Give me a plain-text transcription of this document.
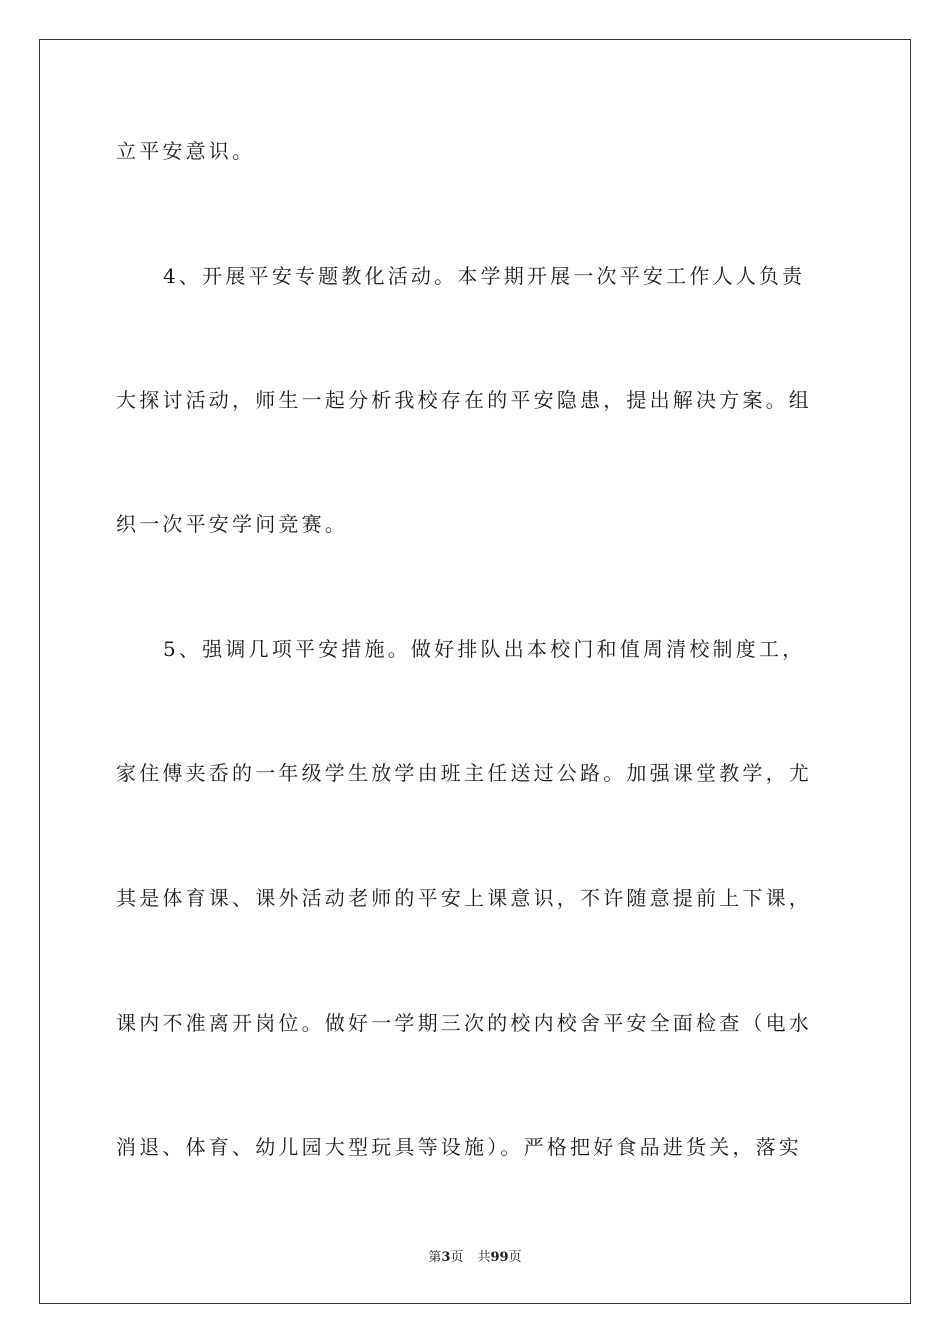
立平安意识。
4、开展平安专题教化活动。本学期开展一次平安工作人人负责
大探讨活动，师生一起分析我校存在的平安隐患，提出解决方案。组
织一次平安学问竞赛。
5、强调几项平安措施。做好排队出本校门和值周清校制度工，
家住傅夹岙的一年级学生放学由班主任送过公路。加强课堂教学，尤
其是体育课、课外活动老师的平安上课意识，不许随意提前上下课，
课内不准离开岗位。做好一学期三次的校内校舍平安全面检查（电水
消退、体育、幼儿园大型玩具等设施）。严格把好食品进货关，落实
第3页 共99页
